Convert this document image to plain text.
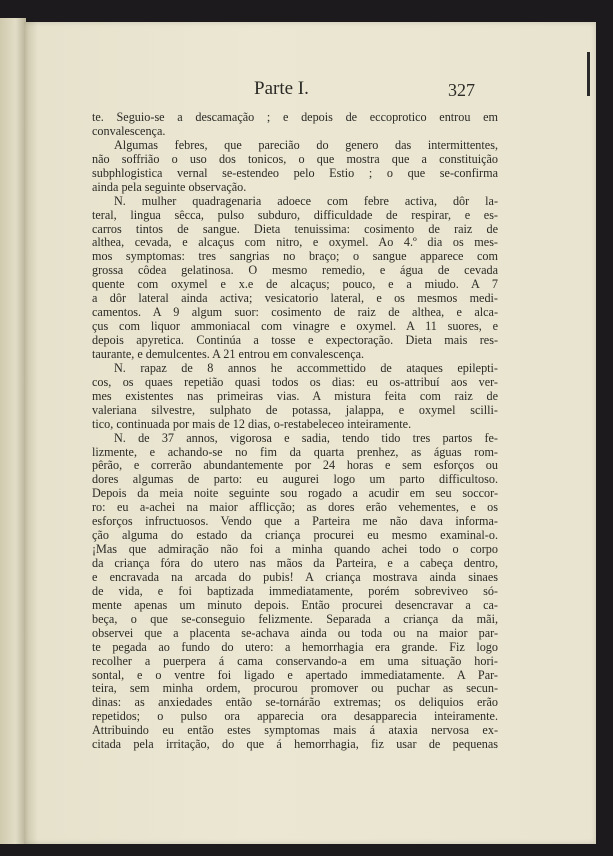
Parte I.	327
te. Seguio-se a descamação ; e depois de eccoprotico entrou em
convalescença.
Algumas febres, que parecião do genero das intermittentes,
não soffrião o uso dos tonicos, o que mostra que a constituição
subphlogistica vernal se-estendeo pelo Estio ; o que se-confirma
ainda pela seguinte observação.
N. mulher quadragenaria adoece com febre activa, dôr la-
teral, lingua sêcca, pulso subduro, difficuldade de respirar, e es-
carros tintos de sangue. Dieta tenuissima: cosimento de raiz de
althea, cevada, e alcaçus com nitro, e oxymel. Ao 4.º dia os mes-
mos symptomas: tres sangrias no braço; o sangue apparece com
grossa côdea gelatinosa. O mesmo remedio, e água de cevada
quente com oxymel e x.e de alcaçus; pouco, e a miudo. A 7
a dôr lateral ainda activa; vesicatorio lateral, e os mesmos medi-
camentos. A 9 algum suor: cosimento de raiz de althea, e alca-
çus com liquor ammoniacal com vinagre e oxymel. A 11 suores, e
depois apyretica. Continúa a tosse e expectoração. Dieta mais res-
taurante, e demulcentes. A 21 entrou em convalescença.
N. rapaz de 8 annos he accommettido de ataques epilepti-
cos, os quaes repetião quasi todos os dias: eu os-attribuí aos ver-
mes existentes nas primeiras vias. A mistura feita com raiz de
valeriana silvestre, sulphato de potassa, jalappa, e oxymel scilli-
tico, continuada por mais de 12 dias, o-restabeleceo inteiramente.
N. de 37 annos, vigorosa e sadia, tendo tido tres partos fe-
lizmente, e achando-se no fim da quarta prenhez, as águas rom-
pêrão, e correrão abundantemente por 24 horas e sem esforços ou
dores algumas de parto: eu augurei logo um parto difficultoso.
Depois da meia noite seguinte sou rogado a acudir em seu soccor-
ro: eu a-achei na maior afflicção; as dores erão vehementes, e os
esforços infructuosos. Vendo que a Parteira me não dava informa-
ção alguma do estado da criança procurei eu mesmo examinal-o.
¡Mas que admiração não foi a minha quando achei todo o corpo
da criança fóra do utero nas mãos da Parteira, e a cabeça dentro,
e encravada na arcada do pubis! A criança mostrava ainda sinaes
de vida, e foi baptizada immediatamente, porém sobreviveo só-
mente apenas um minuto depois. Então procurei desencravar a ca-
beça, o que se-conseguio felizmente. Separada a criança da mãi,
observei que a placenta se-achava ainda ou toda ou na maior par-
te pegada ao fundo do utero: a hemorrhagia era grande. Fiz logo
recolher a puerpera á cama conservando-a em uma situação hori-
sontal, e o ventre foi ligado e apertado immediatamente. A Par-
teira, sem minha ordem, procurou promover ou puchar as secun-
dinas: as anxiedades então se-tornárão extremas; os deliquios erão
repetidos; o pulso ora apparecia ora desapparecia inteiramente.
Attribuindo eu então estes symptomas mais á ataxia nervosa ex-
citada pela irritação, do que á hemorrhagia, fiz usar de pequenas
